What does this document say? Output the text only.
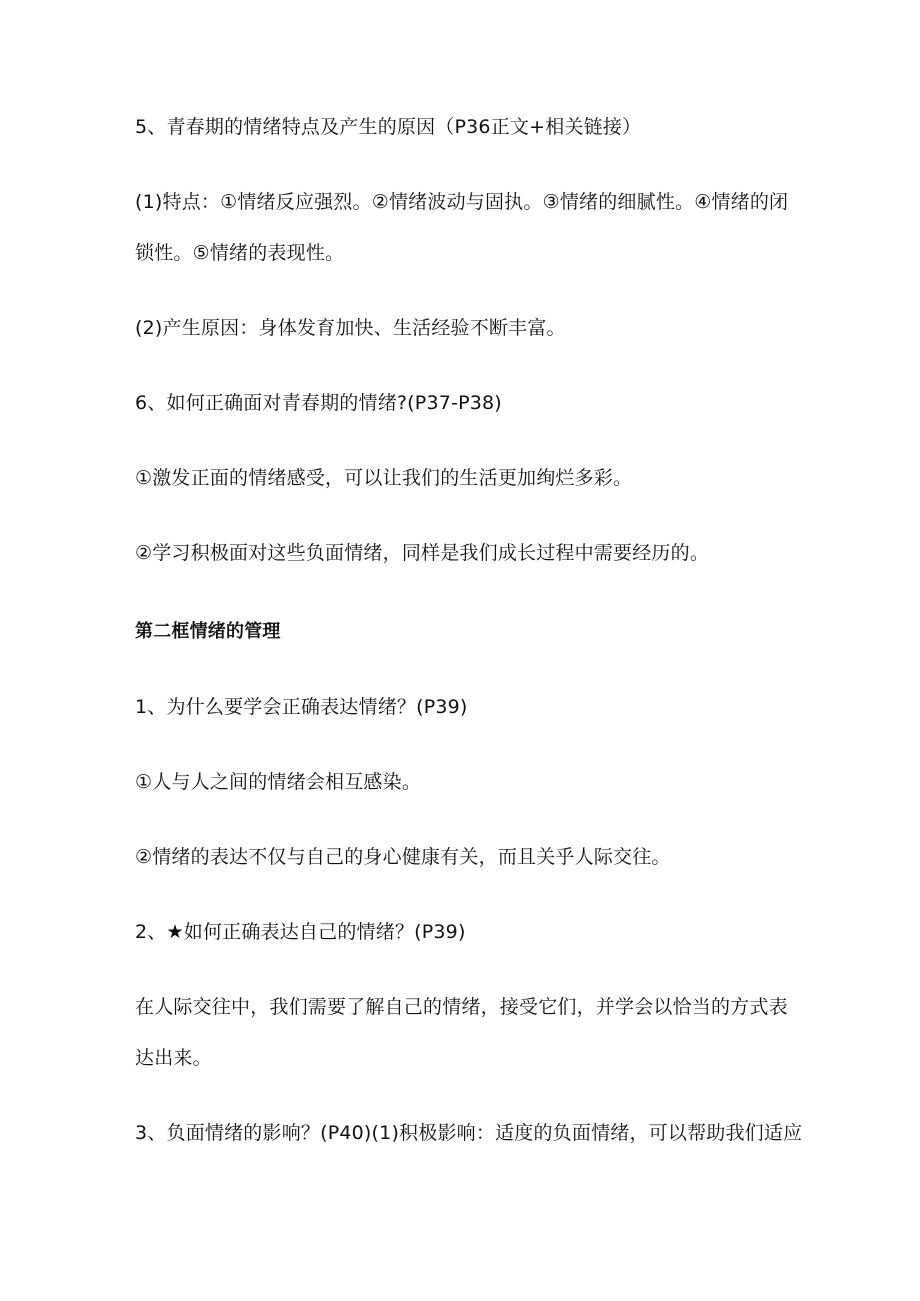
5、青春期的情绪特点及产生的原因（P36正文+相关链接）
(1)特点：①情绪反应强烈。②情绪波动与固执。③情绪的细腻性。④情绪的闭
锁性。⑤情绪的表现性。
(2)产生原因：身体发育加快、生活经验不断丰富。
6、如何正确面对青春期的情绪?(P37-P38)
①激发正面的情绪感受，可以让我们的生活更加绚烂多彩。
②学习积极面对这些负面情绪，同样是我们成长过程中需要经历的。
第二框情绪的管理
1、为什么要学会正确表达情绪？(P39)
①人与人之间的情绪会相互感染。
②情绪的表达不仅与自己的身心健康有关，而且关乎人际交往。
2、★如何正确表达自己的情绪？(P39)
在人际交往中，我们需要了解自己的情绪，接受它们，并学会以恰当的方式表
达出来。
3、负面情绪的影响？(P40)(1)积极影响：适度的负面情绪，可以帮助我们适应
